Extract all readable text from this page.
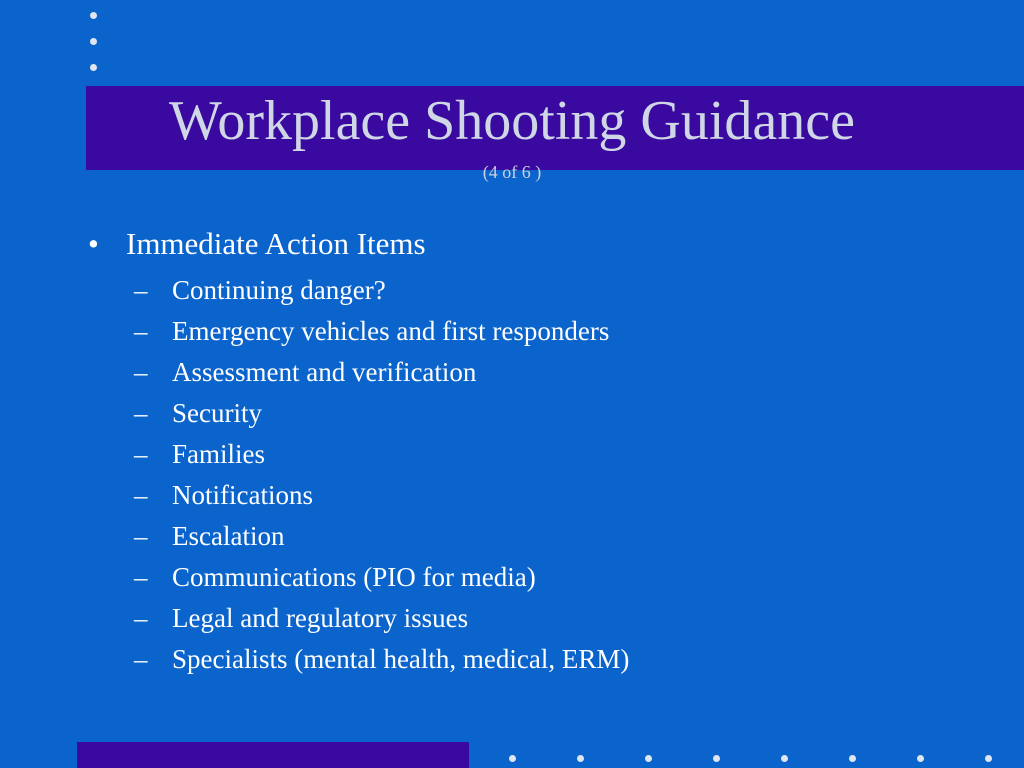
Workplace Shooting Guidance
(4 of 6 )
• Immediate Action Items
– Continuing danger?
– Emergency vehicles and first responders
– Assessment and verification
– Security
– Families
– Notifications
– Escalation
– Communications (PIO for media)
– Legal and regulatory issues
– Specialists (mental health, medical, ERM)
